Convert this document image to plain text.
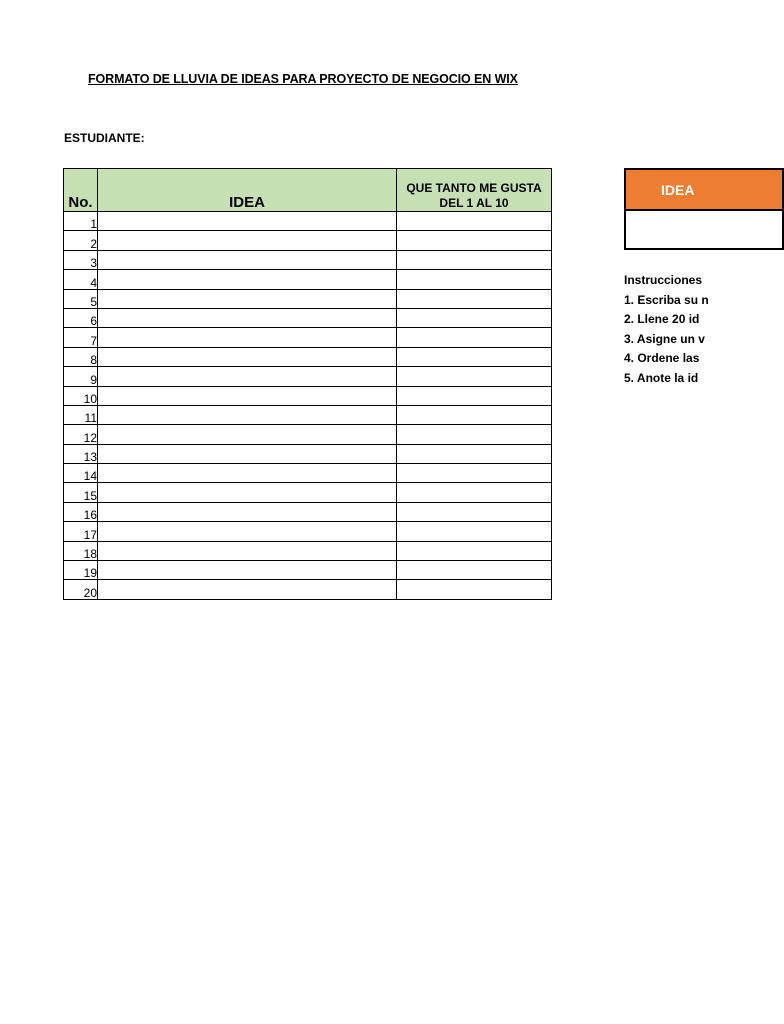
FORMATO DE LLUVIA DE IDEAS PARA PROYECTO DE NEGOCIO EN WIX
ESTUDIANTE:
No.	IDEA	QUE TANTO ME GUSTA
DEL 1 AL 10

1		
2		
3		
4		
5		
6		
7		
8		
9		
10		
11		
12		
13		
14		
15		
16		
17		
18		
19		
20		
IDEA
Instrucciones
1. Escriba su n
2. Llene 20 id
3. Asigne un v
4. Ordene las
5. Anote la id
